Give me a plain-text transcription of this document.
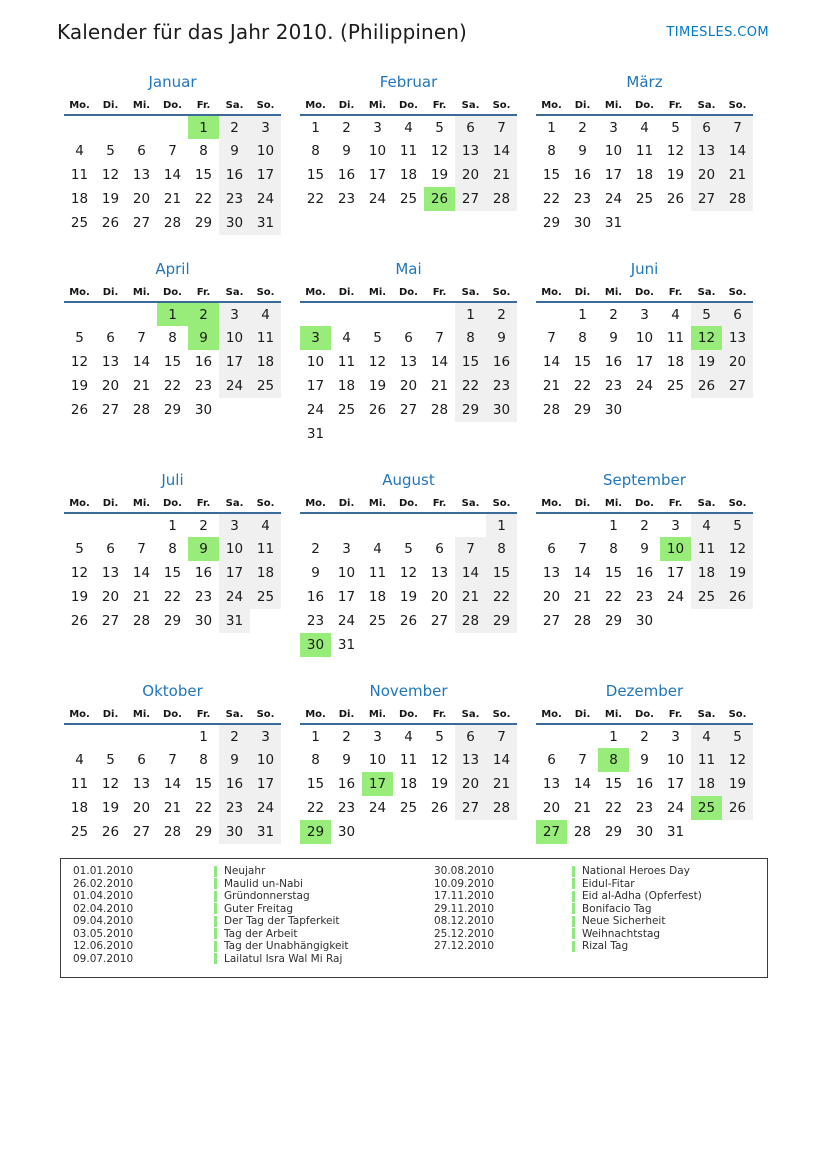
Kalender für das Jahr 2010. (Philippinen)	TIMESLES.COM
Januar
Mo.	Di.	Mi.	Do.	Fr.	Sa.	So.
				1	2	3
4	5	6	7	8	9	10
11	12	13	14	15	16	17
18	19	20	21	22	23	24
25	26	27	28	29	30	31
Februar
Mo.	Di.	Mi.	Do.	Fr.	Sa.	So.
1	2	3	4	5	6	7
8	9	10	11	12	13	14
15	16	17	18	19	20	21
22	23	24	25	26	27	28
März
Mo.	Di.	Mi.	Do.	Fr.	Sa.	So.
1	2	3	4	5	6	7
8	9	10	11	12	13	14
15	16	17	18	19	20	21
22	23	24	25	26	27	28
29	30	31				
April
Mo.	Di.	Mi.	Do.	Fr.	Sa.	So.
			1	2	3	4
5	6	7	8	9	10	11
12	13	14	15	16	17	18
19	20	21	22	23	24	25
26	27	28	29	30		
Mai
Mo.	Di.	Mi.	Do.	Fr.	Sa.	So.
					1	2
3	4	5	6	7	8	9
10	11	12	13	14	15	16
17	18	19	20	21	22	23
24	25	26	27	28	29	30
31						
Juni
Mo.	Di.	Mi.	Do.	Fr.	Sa.	So.
	1	2	3	4	5	6
7	8	9	10	11	12	13
14	15	16	17	18	19	20
21	22	23	24	25	26	27
28	29	30				
Juli
Mo.	Di.	Mi.	Do.	Fr.	Sa.	So.
			1	2	3	4
5	6	7	8	9	10	11
12	13	14	15	16	17	18
19	20	21	22	23	24	25
26	27	28	29	30	31	
August
Mo.	Di.	Mi.	Do.	Fr.	Sa.	So.
						1
2	3	4	5	6	7	8
9	10	11	12	13	14	15
16	17	18	19	20	21	22
23	24	25	26	27	28	29
30	31					
September
Mo.	Di.	Mi.	Do.	Fr.	Sa.	So.
		1	2	3	4	5
6	7	8	9	10	11	12
13	14	15	16	17	18	19
20	21	22	23	24	25	26
27	28	29	30			
Oktober
Mo.	Di.	Mi.	Do.	Fr.	Sa.	So.
				1	2	3
4	5	6	7	8	9	10
11	12	13	14	15	16	17
18	19	20	21	22	23	24
25	26	27	28	29	30	31
November
Mo.	Di.	Mi.	Do.	Fr.	Sa.	So.
1	2	3	4	5	6	7
8	9	10	11	12	13	14
15	16	17	18	19	20	21
22	23	24	25	26	27	28
29	30					
Dezember
Mo.	Di.	Mi.	Do.	Fr.	Sa.	So.
		1	2	3	4	5
6	7	8	9	10	11	12
13	14	15	16	17	18	19
20	21	22	23	24	25	26
27	28	29	30	31		
01.01.2010	Neujahr
26.02.2010	Maulid un-Nabi
01.04.2010	Gründonnerstag
02.04.2010	Guter Freitag
09.04.2010	Der Tag der Tapferkeit
03.05.2010	Tag der Arbeit
12.06.2010	Tag der Unabhängigkeit
09.07.2010	Lailatul Isra Wal Mi Raj
30.08.2010	National Heroes Day
10.09.2010	Eidul-Fitar
17.11.2010	Eid al-Adha (Opferfest)
29.11.2010	Bonifacio Tag
08.12.2010	Neue Sicherheit
25.12.2010	Weihnachtstag
27.12.2010	Rizal Tag
